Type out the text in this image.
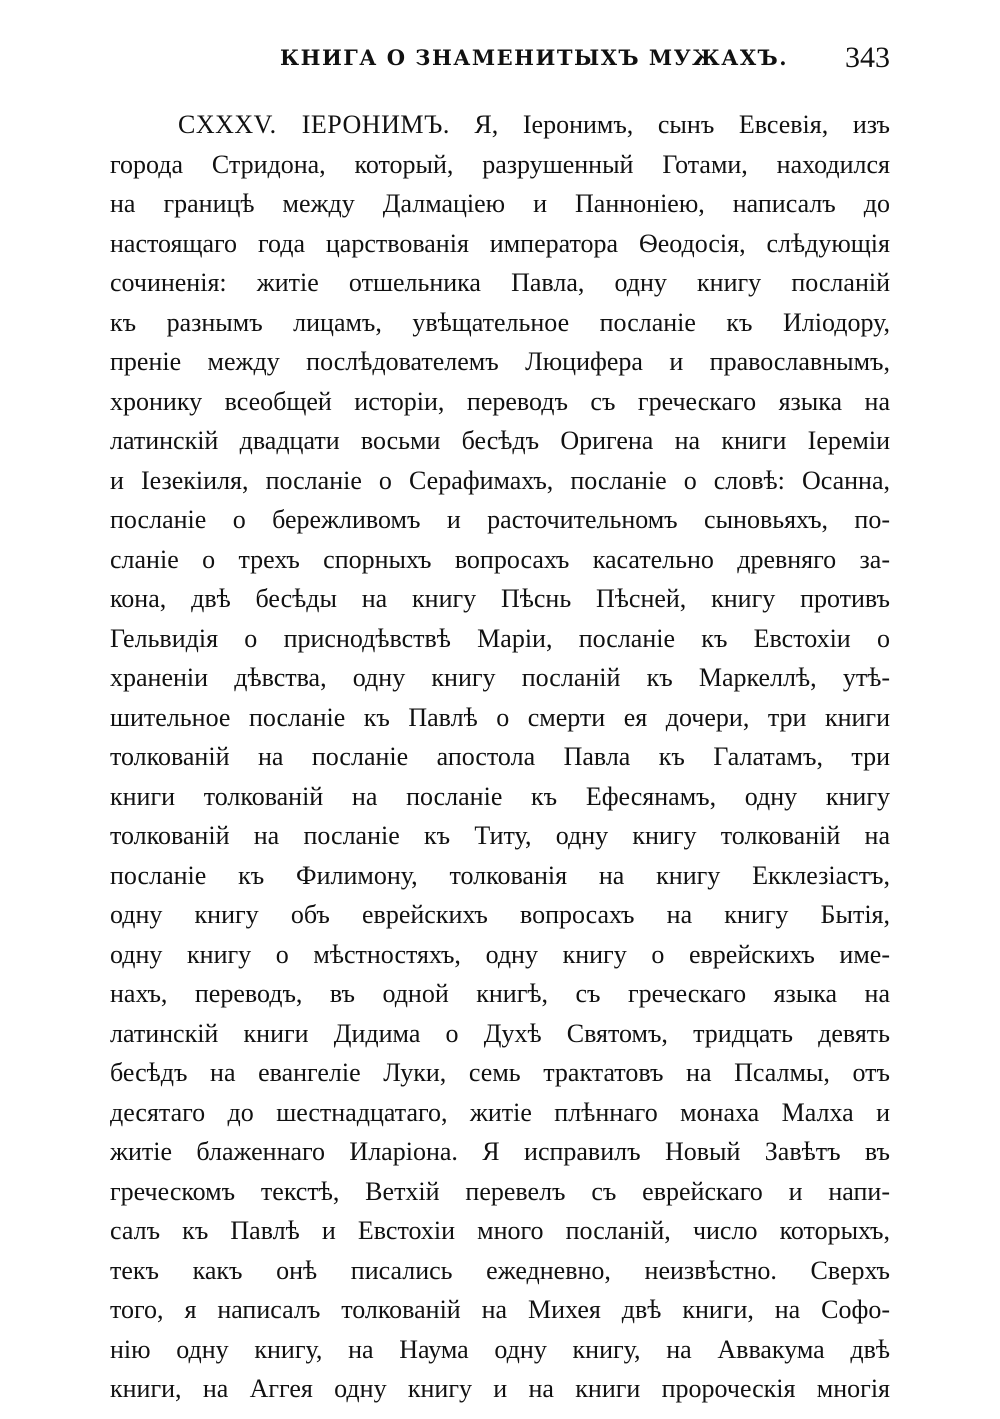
КНИГА О ЗНАМЕНИТЫХЪ МУЖАХЪ. 343
CXXXV. IЕРОНИМЪ. Я, Iеронимъ, сынъ Евсевія, изъ
города Стридона, который, разрушенный Готами, находился
на границѣ между Далмаціею и Панноніею, написалъ до
настоящаго года царствованія императора Ѳеодосія, слѣдующія
сочиненія: житіе отшельника Павла, одну книгу посланій
къ разнымъ лицамъ, увѣщательное посланіе къ Иліодору,
преніе между послѣдователемъ Люцифера и православнымъ,
хронику всеобщей исторіи, переводъ съ греческаго языка на
латинскій двадцати восьми бесѣдъ Оригена на книги Iереміи
и Iезекіиля, посланіе о Серафимахъ, посланіе о словѣ: Осанна,
посланіе о бережливомъ и расточительномъ сыновьяхъ, по-
сланіе о трехъ спорныхъ вопросахъ касательно древняго за-
кона, двѣ бесѣды на книгу Пѣснь Пѣсней, книгу противъ
Гельвидія о приснодѣвствѣ Маріи, посланіе къ Евстохіи о
храненіи дѣвства, одну книгу посланій къ Маркеллѣ, утѣ-
шительное посланіе къ Павлѣ о смерти ея дочери, три книги
толкованій на посланіе апостола Павла къ Галатамъ, три
книги толкованій на посланіе къ Ефесянамъ, одну книгу
толкованій на посланіе къ Титу, одну книгу толкованій на
посланіе къ Филимону, толкованія на книгу Екклезіастъ,
одну книгу объ еврейскихъ вопросахъ на книгу Бытія,
одну книгу о мѣстностяхъ, одну книгу о еврейскихъ име-
нахъ, переводъ, въ одной книгѣ, съ греческаго языка на
латинскій книги Дидима о Духѣ Святомъ, тридцать девять
бесѣдъ на евангеліе Луки, семь трактатовъ на Псалмы, отъ
десятаго до шестнадцатаго, житіе плѣннаго монаха Малха и
житіе блаженнаго Иларіона. Я исправилъ Новый Завѣтъ въ
греческомъ текстѣ, Ветхій перевелъ съ еврейскаго и напи-
салъ къ Павлѣ и Евстохіи много посланій, число которыхъ,
текъ какъ онѣ писались ежедневно, неизвѣстно. Сверхъ
того, я написалъ толкованій на Михея двѣ книги, на Софо-
нію одну книгу, на Наума одну книгу, на Аввакума двѣ
книги, на Аггея одну книгу и на книги пророческія многія
